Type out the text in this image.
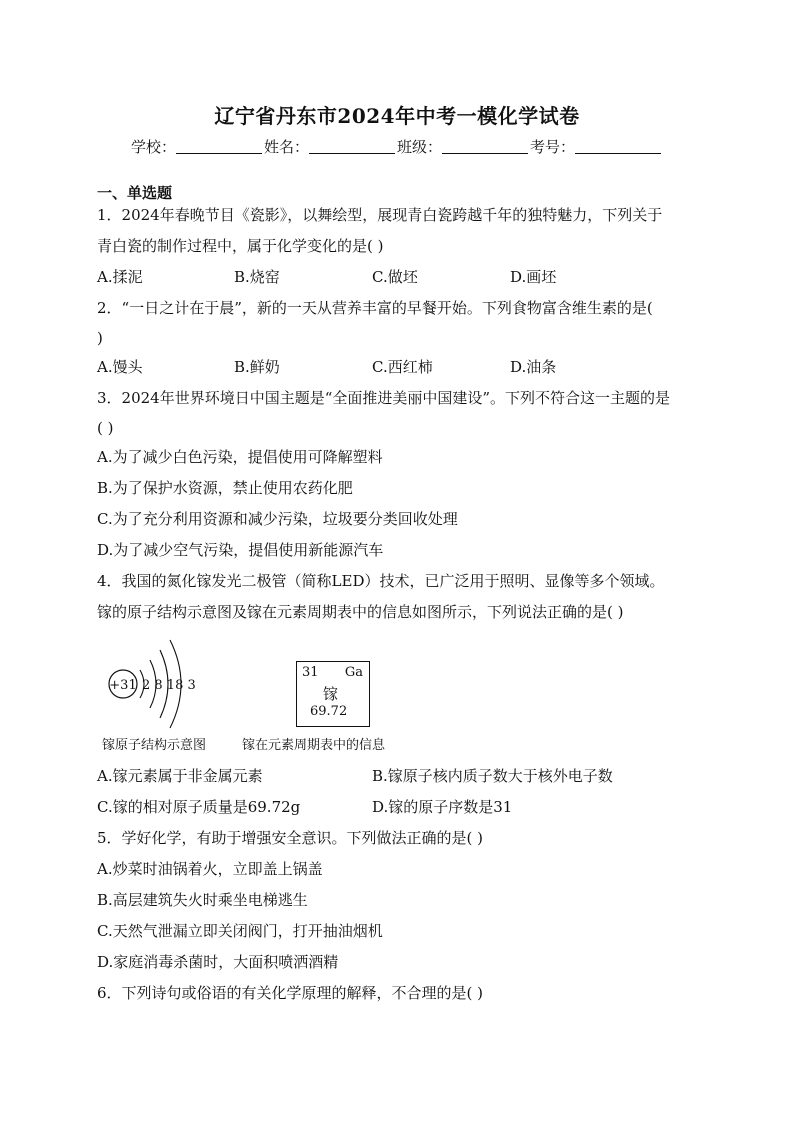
辽宁省丹东市2024年中考一模化学试卷
学校：	姓名：	班级：	考号：
一、单选题
1．2024年春晚节目《瓷影》，以舞绘型，展现青白瓷跨越千年的独特魅力，下列关于
青白瓷的制作过程中，属于化学变化的是( )
A.揉泥	B.烧窑	C.做坯	D.画坯
2．“一日之计在于晨”，新的一天从营养丰富的早餐开始。下列食物富含维生素的是(
)
A.馒头	B.鲜奶	C.西红柿	D.油条
3．2024年世界环境日中国主题是“全面推进美丽中国建设”。下列不符合这一主题的是
( )
A.为了减少白色污染，提倡使用可降解塑料
B.为了保护水资源，禁止使用农药化肥
C.为了充分利用资源和减少污染，垃圾要分类回收处理
D.为了减少空气污染，提倡使用新能源汽车
4．我国的氮化镓发光二极管（简称LED）技术，已广泛用于照明、显像等多个领域。
镓的原子结构示意图及镓在元素周期表中的信息如图所示，下列说法正确的是( )
+31 2 8 18 3
31 Ga
镓
69.72
镓原子结构示意图	镓在元素周期表中的信息
A.镓元素属于非金属元素	B.镓原子核内质子数大于核外电子数
C.镓的相对原子质量是69.72g	D.镓的原子序数是31
5．学好化学，有助于增强安全意识。下列做法正确的是( )
A.炒菜时油锅着火，立即盖上锅盖
B.高层建筑失火时乘坐电梯逃生
C.天然气泄漏立即关闭阀门，打开抽油烟机
D.家庭消毒杀菌时，大面积喷洒酒精
6．下列诗句或俗语的有关化学原理的解释，不合理的是( )
